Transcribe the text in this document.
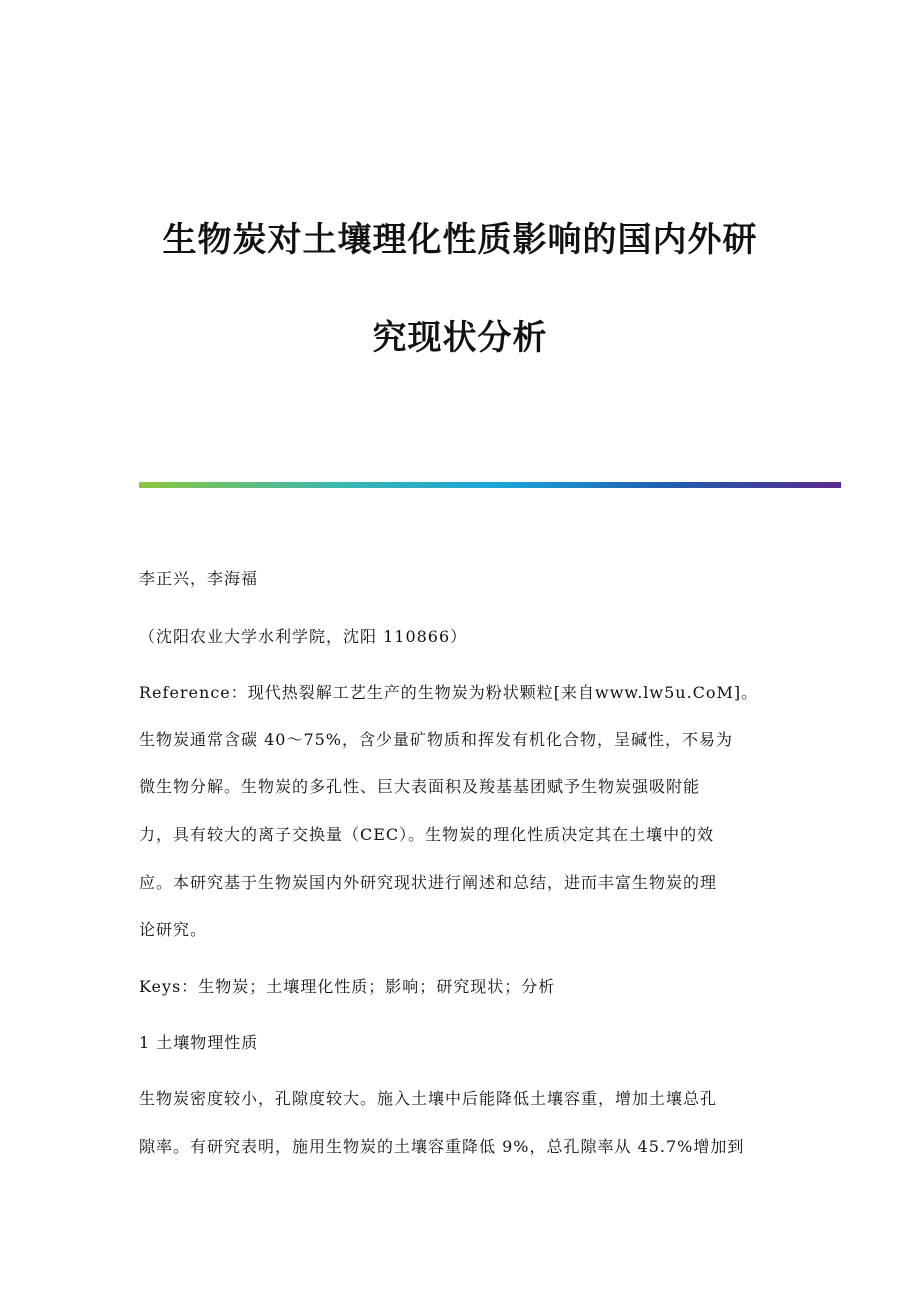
生物炭对土壤理化性质影响的国内外研
究现状分析
李正兴，李海福
（沈阳农业大学水利学院，沈阳 110866）
Reference：现代热裂解工艺生产的生物炭为粉状颗粒[来自www.lw5u.CoM]。
生物炭通常含碳 40～75%，含少量矿物质和挥发有机化合物，呈碱性，不易为
微生物分解。生物炭的多孔性、巨大表面积及羧基基团赋予生物炭强吸附能
力，具有较大的离子交换量（CEC）。生物炭的理化性质决定其在土壤中的效
应。本研究基于生物炭国内外研究现状进行阐述和总结，进而丰富生物炭的理
论研究。
Keys：生物炭；土壤理化性质；影响；研究现状；分析
1 土壤物理性质
生物炭密度较小，孔隙度较大。施入土壤中后能降低土壤容重，增加土壤总孔
隙率。有研究表明，施用生物炭的土壤容重降低 9%，总孔隙率从 45.7%增加到
